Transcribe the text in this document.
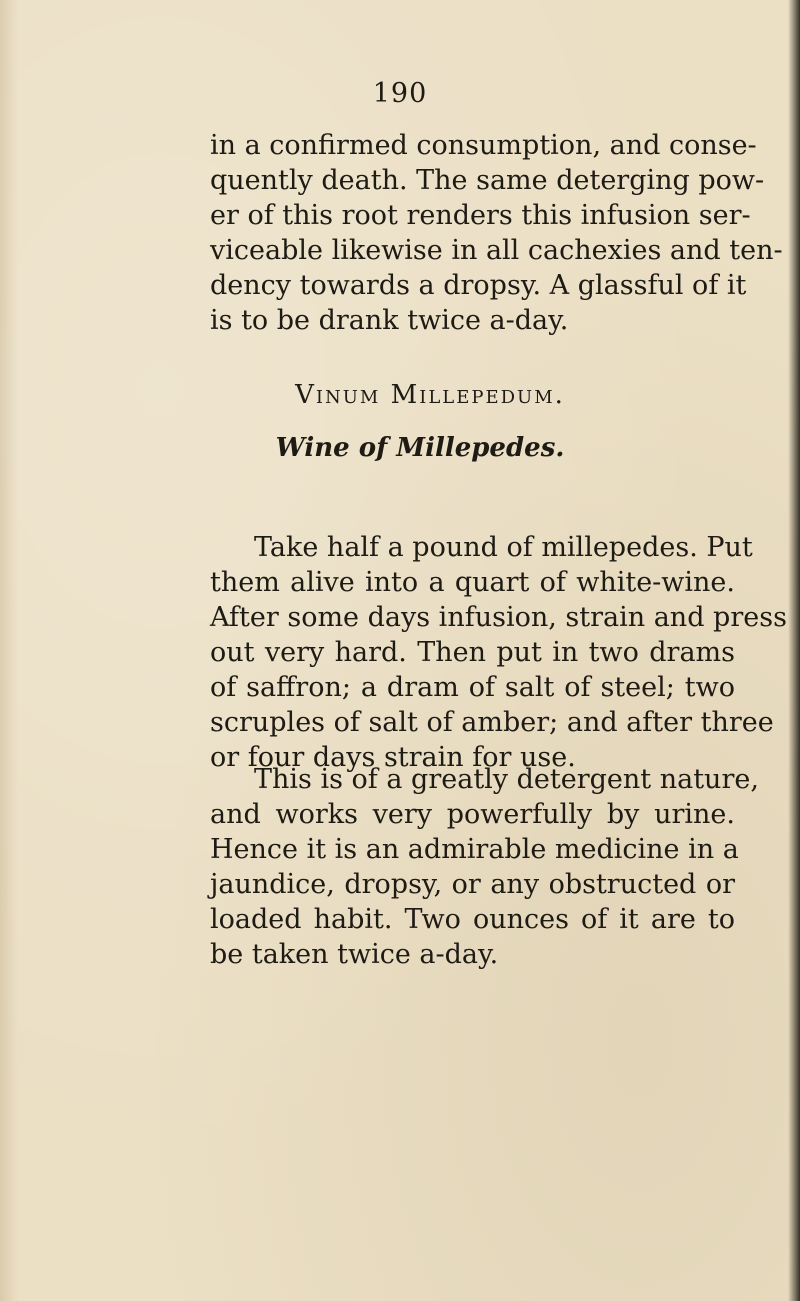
190
in a confirmed consumption, and conse-
quently death. The same deterging pow-
er of this root renders this infusion ser-
viceable likewise in all cachexies and ten-
dency towards a dropsy. A glassful of it
is to be drank twice a-day.
Vinum Millepedum.
Wine of Millepedes.
Take half a pound of millepedes. Put
them alive into a quart of white-wine.
After some days infusion, strain and press
out very hard. Then put in two drams
of saffron; a dram of salt of steel; two
scruples of salt of amber; and after three
or four days strain for use.
This is of a greatly detergent nature,
and works very powerfully by urine.
Hence it is an admirable medicine in a
jaundice, dropsy, or any obstructed or
loaded habit. Two ounces of it are to
be taken twice a-day.
